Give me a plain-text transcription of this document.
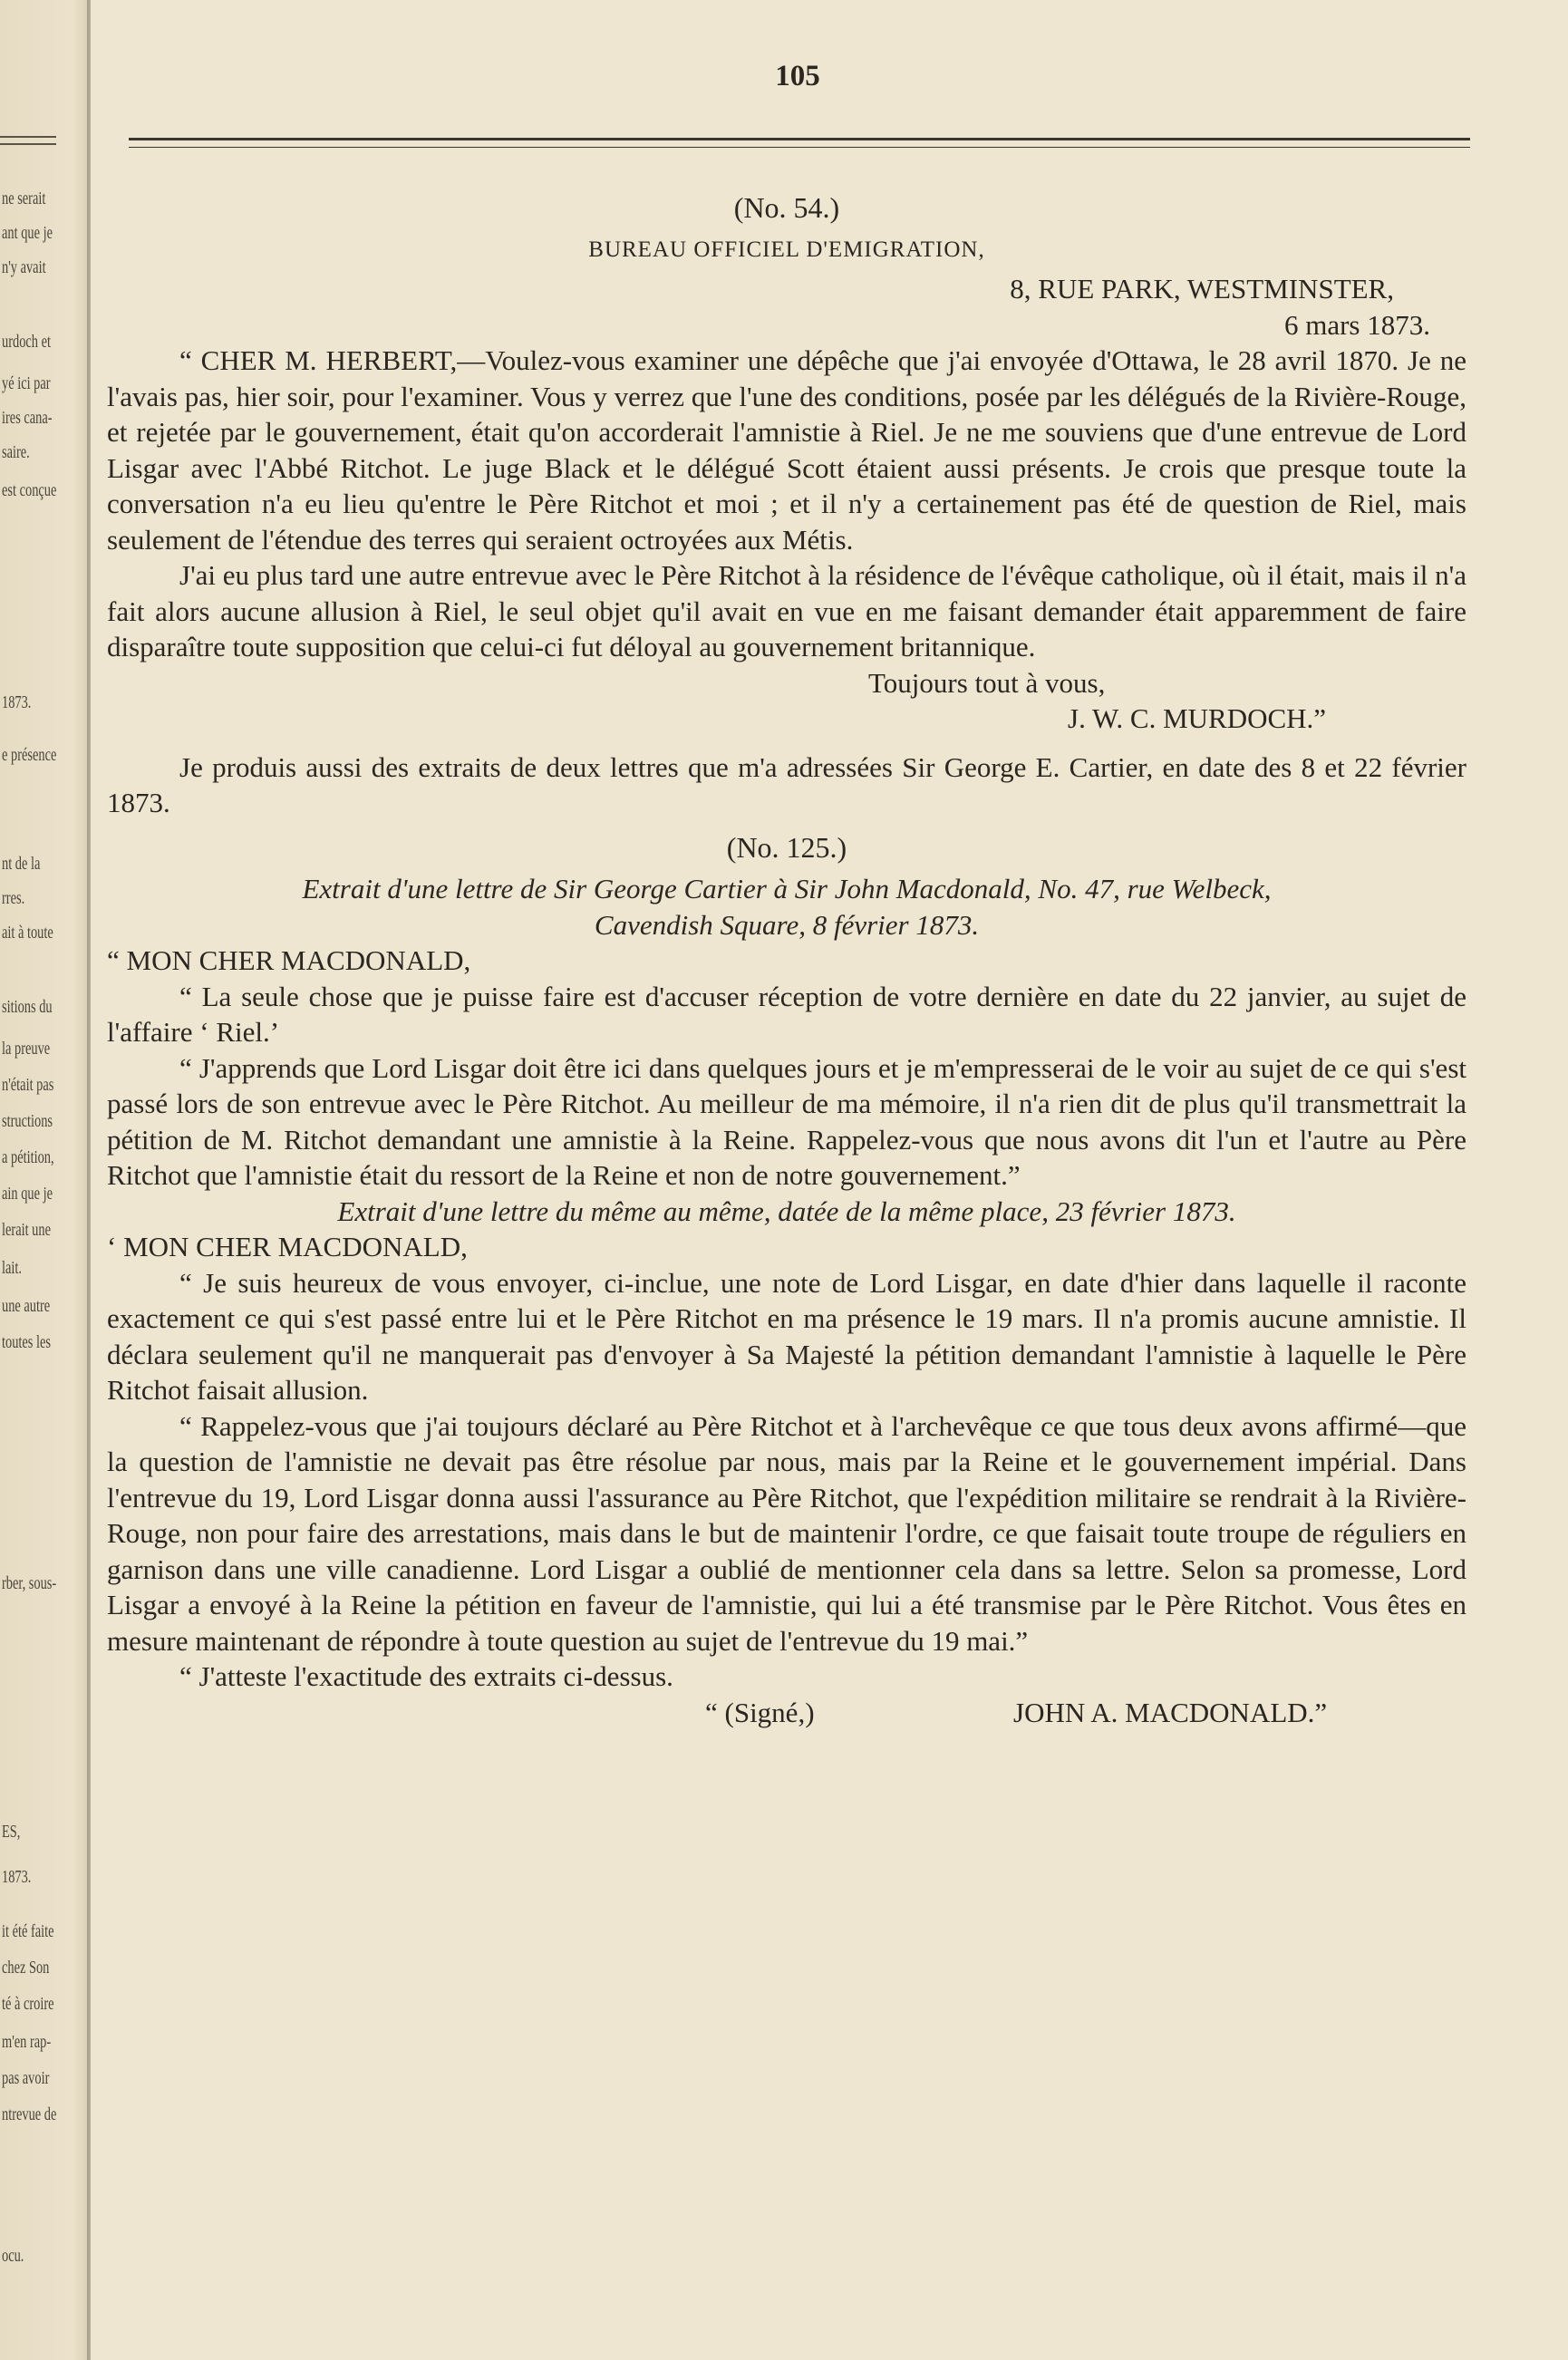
ne serait
ant que je
n'y avait
urdoch et
yé ici par
ires cana-
saire.
est conçue
1873.
e présence
nt de la
rres.
ait à toute
sitions du
la preuve
n'était pas
structions
a pétition,
ain que je
lerait une
lait.
une autre
toutes les
rber, sous-
ES,
1873.
it été faite
chez Son
té à croire
m'en rap-
pas avoir
ntrevue de
ocu.
105
(No. 54.)
BUREAU OFFICIEL D'EMIGRATION,
8, RUE PARK, WESTMINSTER,
6 mars 1873.

“ CHER M. HERBERT,—Voulez-vous examiner une dépêche que j'ai envoyée d'Ottawa, le 28 avril 1870. Je ne l'avais pas, hier soir, pour l'examiner. Vous y verrez que l'une des conditions, posée par les délégués de la Rivière-Rouge, et rejetée par le gouvernement, était qu'on accorderait l'amnistie à Riel. Je ne me souviens que d'une entrevue de Lord Lisgar avec l'Abbé Ritchot. Le juge Black et le délégué Scott étaient aussi présents. Je crois que presque toute la conversation n'a eu lieu qu'entre le Père Ritchot et moi ; et il n'y a certainement pas été de question de Riel, mais seulement de l'étendue des terres qui seraient octroyées aux Métis.

J'ai eu plus tard une autre entrevue avec le Père Ritchot à la résidence de l'évêque catholique, où il était, mais il n'a fait alors aucune allusion à Riel, le seul objet qu'il avait en vue en me faisant demander était apparemment de faire disparaître toute supposition que celui-ci fut déloyal au gouvernement britannique.

Toujours tout à vous,
J. W. C. MURDOCH.”

Je produis aussi des extraits de deux lettres que m'a adressées Sir George E. Cartier, en date des 8 et 22 février 1873.

(No. 125.)
Extrait d'une lettre de Sir George Cartier à Sir John Macdonald, No. 47, rue Welbeck,
Cavendish Square, 8 février 1873.
“ MON CHER MACDONALD,

“ La seule chose que je puisse faire est d'accuser réception de votre dernière en date du 22 janvier, au sujet de l'affaire ‘ Riel.’

“ J'apprends que Lord Lisgar doit être ici dans quelques jours et je m'empresserai de le voir au sujet de ce qui s'est passé lors de son entrevue avec le Père Ritchot. Au meilleur de ma mémoire, il n'a rien dit de plus qu'il transmettrait la pétition de M. Ritchot demandant une amnistie à la Reine. Rappelez-vous que nous avons dit l'un et l'autre au Père Ritchot que l'amnistie était du ressort de la Reine et non de notre gouvernement.”

Extrait d'une lettre du même au même, datée de la même place, 23 février 1873.
‘ MON CHER MACDONALD,

“ Je suis heureux de vous envoyer, ci-inclue, une note de Lord Lisgar, en date d'hier dans laquelle il raconte exactement ce qui s'est passé entre lui et le Père Ritchot en ma présence le 19 mars. Il n'a promis aucune amnistie. Il déclara seulement qu'il ne manquerait pas d'envoyer à Sa Majesté la pétition demandant l'amnistie à laquelle le Père Ritchot faisait allusion.

“ Rappelez-vous que j'ai toujours déclaré au Père Ritchot et à l'archevêque ce que tous deux avons affirmé—que la question de l'amnistie ne devait pas être résolue par nous, mais par la Reine et le gouvernement impérial. Dans l'entrevue du 19, Lord Lisgar donna aussi l'assurance au Père Ritchot, que l'expédition militaire se rendrait à la Rivière-Rouge, non pour faire des arrestations, mais dans le but de maintenir l'ordre, ce que faisait toute troupe de réguliers en garnison dans une ville canadienne. Lord Lisgar a oublié de mentionner cela dans sa lettre. Selon sa promesse, Lord Lisgar a envoyé à la Reine la pétition en faveur de l'amnistie, qui lui a été transmise par le Père Ritchot. Vous êtes en mesure maintenant de répondre à toute question au sujet de l'entrevue du 19 mai.”

“ J'atteste l'exactitude des extraits ci-dessus.

“ (Signé,)	JOHN A. MACDONALD.”
